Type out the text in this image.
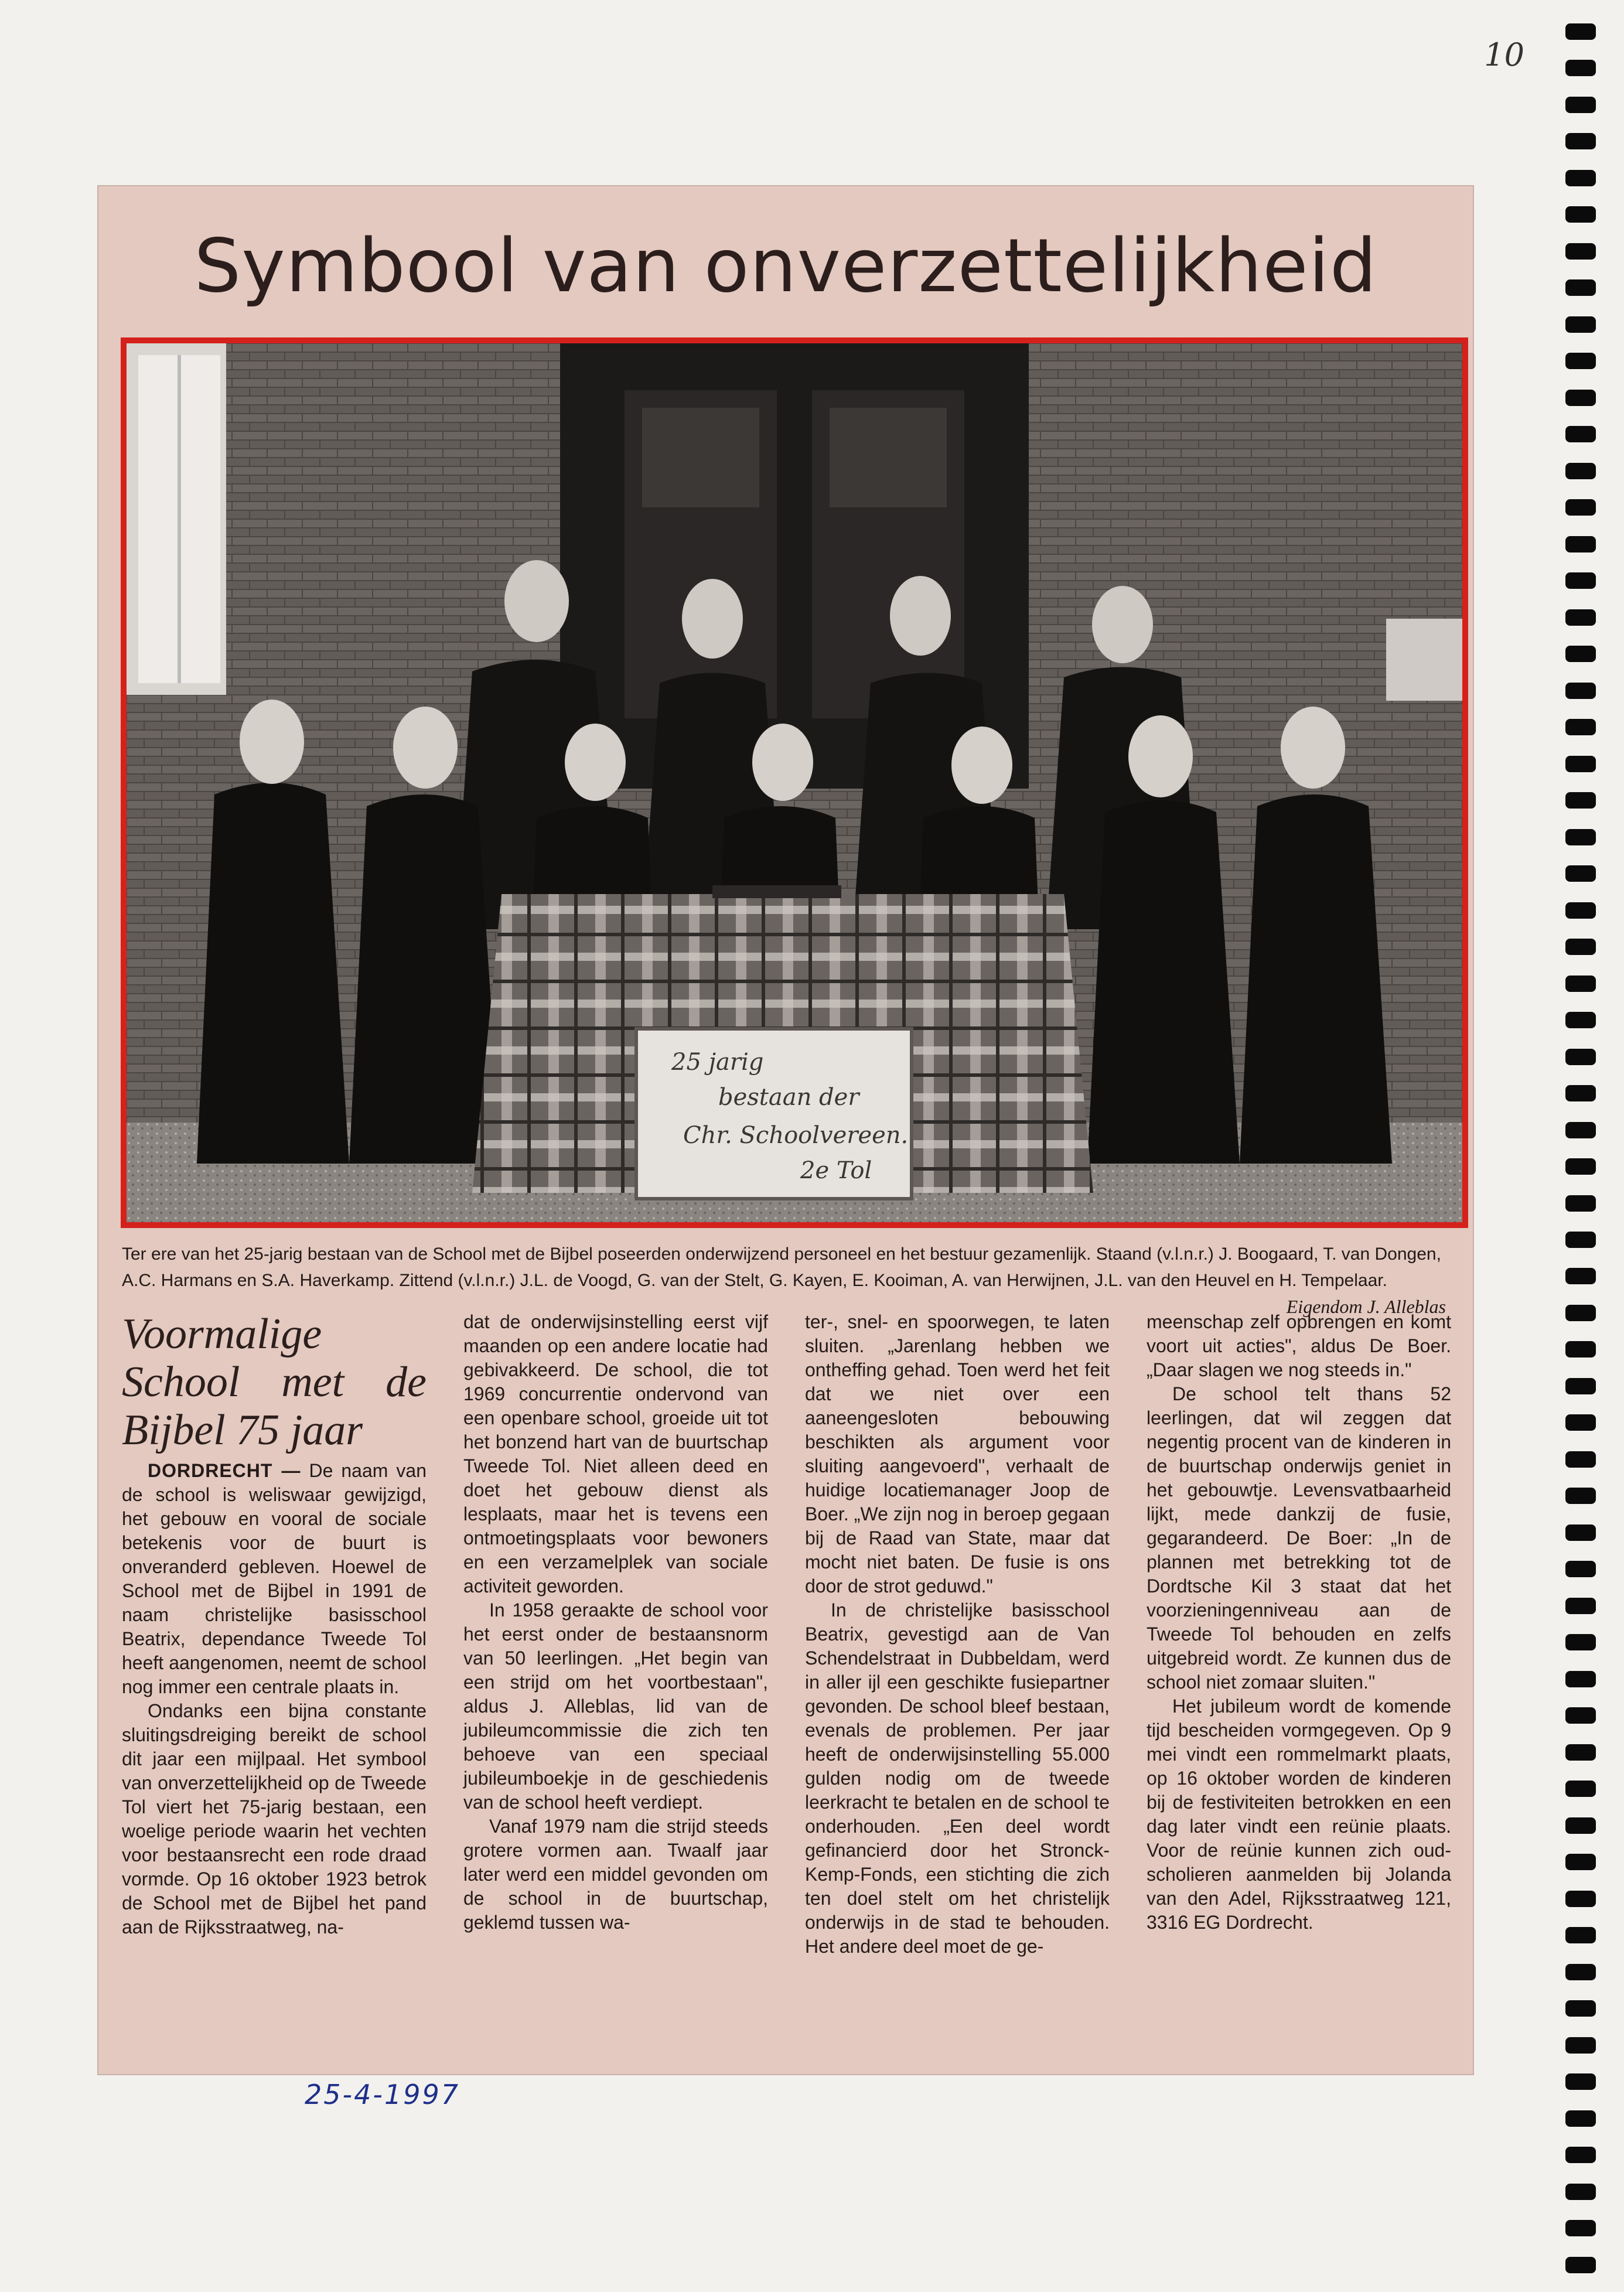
10
Symbool van onverzettelijkheid
25 jarig
bestaan der
Chr. Schoolvereen.
2e Tol
Ter ere van het 25-jarig bestaan van de School met de Bijbel poseerden onderwijzend personeel en het bestuur gezamenlijk. Staand (v.l.n.r.) J. Boogaard, T. van Dongen, A.C. Harmans en S.A. Haverkamp. Zittend (v.l.n.r.) J.L. de Voogd, G. van der Stelt, G. Kayen, E. Kooiman, A. van Herwijnen, J.L. van den Heuvel en H. Tempelaar.
Eigendom J. Alleblas
Voormalige School met de Bijbel 75 jaar

DORDRECHT — De naam van de school is weliswaar gewijzigd, het gebouw en vooral de sociale betekenis voor de buurt is onveranderd gebleven. Hoewel de School met de Bijbel in 1991 de naam christelijke basisschool Beatrix, dependance Tweede Tol heeft aangenomen, neemt de school nog immer een centrale plaats in.

Ondanks een bijna constante sluitingsdreiging bereikt de school dit jaar een mijlpaal. Het symbool van onverzettelijkheid op de Tweede Tol viert het 75-jarig bestaan, een woelige periode waarin het vechten voor bestaansrecht een rode draad vormde. Op 16 oktober 1923 betrok de School met de Bijbel het pand aan de Rijksstraatweg, na-

dat de onderwijsinstelling eerst vijf maanden op een andere locatie had gebivakkeerd. De school, die tot 1969 concurrentie ondervond van een openbare school, groeide uit tot het bonzend hart van de buurtschap Tweede Tol. Niet alleen deed en doet het gebouw dienst als lesplaats, maar het is tevens een ontmoetingsplaats voor bewoners en een verzamelplek van sociale activiteit geworden.

In 1958 geraakte de school voor het eerst onder de bestaansnorm van 50 leerlingen. „Het begin van een strijd om het voortbestaan", aldus J. Alleblas, lid van de jubileumcommissie die zich ten behoeve van een speciaal jubileumboekje in de geschiedenis van de school heeft verdiept.

Vanaf 1979 nam die strijd steeds grotere vormen aan. Twaalf jaar later werd een middel gevonden om de school in de buurtschap, geklemd tussen wa-

ter-, snel- en spoorwegen, te laten sluiten. „Jarenlang hebben we ontheffing gehad. Toen werd het feit dat we niet over een aaneengesloten bebouwing beschikten als argument voor sluiting aangevoerd", verhaalt de huidige locatiemanager Joop de Boer. „We zijn nog in beroep gegaan bij de Raad van State, maar dat mocht niet baten. De fusie is ons door de strot geduwd."

In de christelijke basisschool Beatrix, gevestigd aan de Van Schendelstraat in Dubbeldam, werd in aller ijl een geschikte fusiepartner gevonden. De school bleef bestaan, evenals de problemen. Per jaar heeft de onderwijsinstelling 55.000 gulden nodig om de tweede leerkracht te betalen en de school te onderhouden. „Een deel wordt gefinancierd door het Stronck-Kemp-Fonds, een stichting die zich ten doel stelt om het christelijk onderwijs in de stad te behouden. Het andere deel moet de ge-

meenschap zelf opbrengen en komt voort uit acties", aldus De Boer. „Daar slagen we nog steeds in."

De school telt thans 52 leerlingen, dat wil zeggen dat negentig procent van de kinderen in de buurtschap onderwijs geniet in het gebouwtje. Levensvatbaarheid lijkt, mede dankzij de fusie, gegarandeerd. De Boer: „In de plannen met betrekking tot de Dordtsche Kil 3 staat dat het voorzieningenniveau aan de Tweede Tol behouden en zelfs uitgebreid wordt. Ze kunnen dus de school niet zomaar sluiten."

Het jubileum wordt de komende tijd bescheiden vormgegeven. Op 9 mei vindt een rommelmarkt plaats, op 16 oktober worden de kinderen bij de festiviteiten betrokken en een dag later vindt een reünie plaats. Voor de reünie kunnen zich oud-scholieren aanmelden bij Jolanda van den Adel, Rijksstraatweg 121, 3316 EG Dordrecht.

25-4-1997
